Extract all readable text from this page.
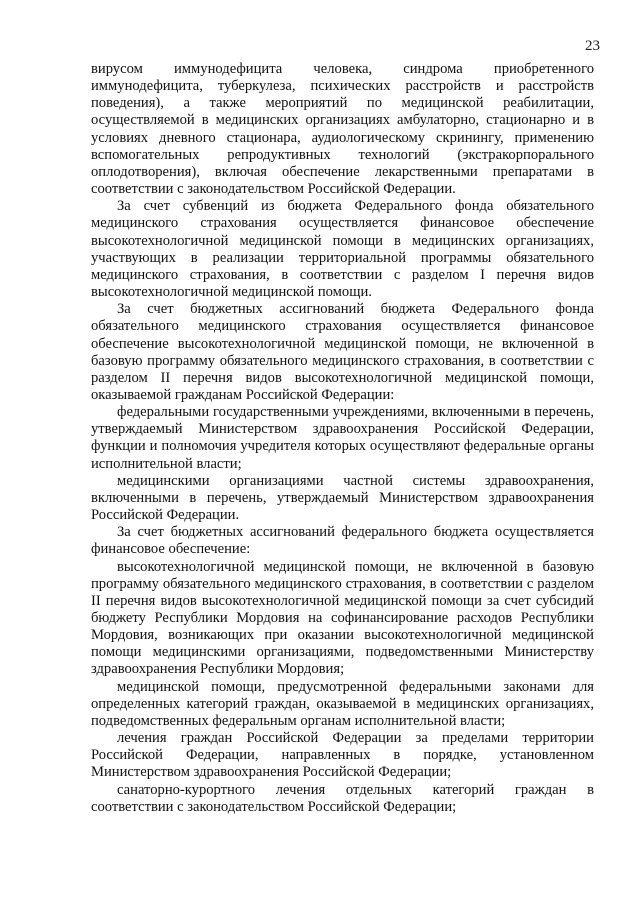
23

вирусом иммунодефицита человека, синдрома приобретенного иммунодефицита, туберкулеза, психических расстройств и расстройств поведения), а также мероприятий по медицинской реабилитации, осуществляемой в медицинских организациях амбулаторно, стационарно и в условиях дневного стационара, аудиологическому скринингу, применению вспомогательных репродуктивных технологий (экстракорпорального оплодотворения), включая обеспечение лекарственными препаратами в соответствии с законодательством Российской Федерации.

За счет субвенций из бюджета Федерального фонда обязательного медицинского страхования осуществляется финансовое обеспечение высокотехнологичной медицинской помощи в медицинских организациях, участвующих в реализации территориальной программы обязательного медицинского страхования, в соответствии с разделом I перечня видов высокотехнологичной медицинской помощи.

За счет бюджетных ассигнований бюджета Федерального фонда обязательного медицинского страхования осуществляется финансовое обеспечение высокотехнологичной медицинской помощи, не включенной в базовую программу обязательного медицинского страхования, в соответствии с разделом II перечня видов высокотехнологичной медицинской помощи, оказываемой гражданам Российской Федерации:

федеральными государственными учреждениями, включенными в перечень, утверждаемый Министерством здравоохранения Российской Федерации, функции и полномочия учредителя которых осуществляют федеральные органы исполнительной власти;

медицинскими организациями частной системы здравоохранения, включенными в перечень, утверждаемый Министерством здравоохранения Российской Федерации.

За счет бюджетных ассигнований федерального бюджета осуществляется финансовое обеспечение:

высокотехнологичной медицинской помощи, не включенной в базовую программу обязательного медицинского страхования, в соответствии с разделом II перечня видов высокотехнологичной медицинской помощи за счет субсидий бюджету Республики Мордовия на софинансирование расходов Республики Мордовия, возникающих при оказании высокотехнологичной медицинской помощи медицинскими организациями, подведомственными Министерству здравоохранения Республики Мордовия;

медицинской помощи, предусмотренной федеральными законами для определенных категорий граждан, оказываемой в медицинских организациях, подведомственных федеральным органам исполнительной власти;

лечения граждан Российской Федерации за пределами территории Российской Федерации, направленных в порядке, установленном Министерством здравоохранения Российской Федерации;

санаторно-курортного лечения отдельных категорий граждан в соответствии с законодательством Российской Федерации;
